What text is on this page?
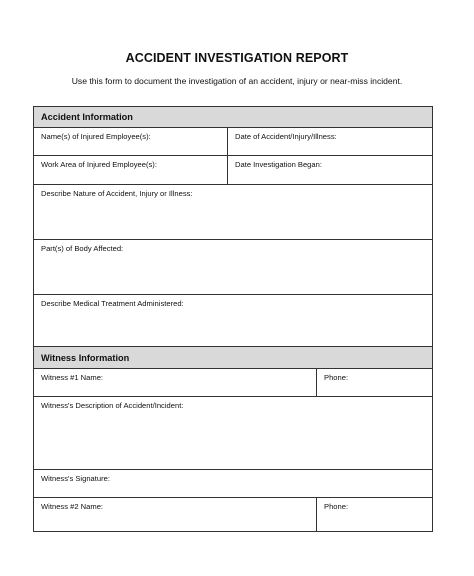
ACCIDENT INVESTIGATION REPORT
Use this form to document the investigation of an accident, injury or near-miss incident.
Accident Information
Name(s) of Injured Employee(s):	Date of Accident/Injury/Illness:
Work Area of Injured Employee(s):	Date Investigation Began:
Describe Nature of Accident, Injury or Illness:
Part(s) of Body Affected:
Describe Medical Treatment Administered:
Witness Information
Witness #1 Name:	Phone:
Witness's Description of Accident/Incident:
Witness's Signature:
Witness #2 Name:	Phone:
